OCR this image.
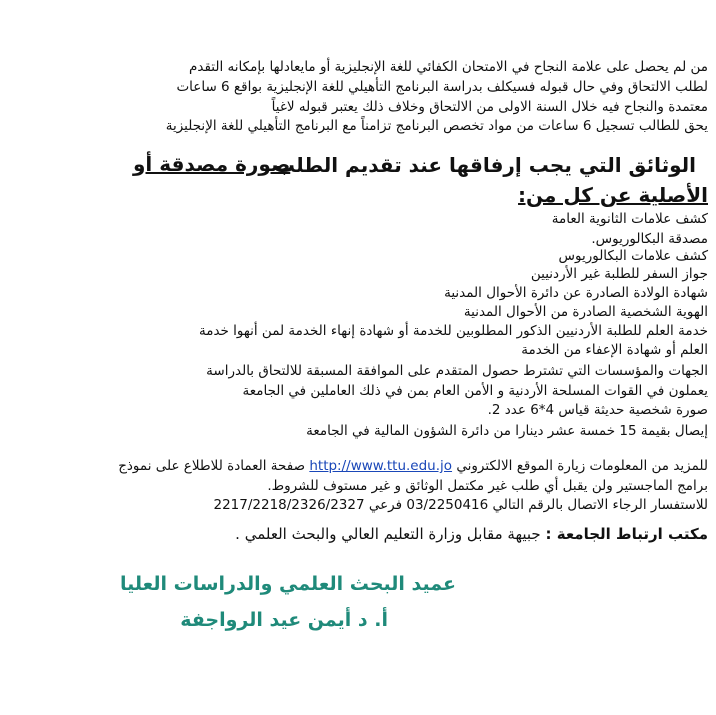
من لم يحصل على علامة النجاح في الامتحان الكفائي للغة الإنجليزية أو مايعادلها بإمكانه التقدم
لطلب الالتحاق وفي حال قبوله فسيكلف بدراسة البرنامج التأهيلي للغة الإنجليزية بواقع 6 ساعات
معتمدة والنجاح فيه خلال السنة الاولى من الالتحاق وخلاف ذلك يعتبر قبوله لاغياً
يحق للطالب تسجيل 6 ساعات من مواد تخصص البرنامج تزامناً مع البرنامج التأهيلي للغة الإنجليزية
الوثائق التي يجب إرفاقها عند تقديم الطلب
صورة مصدقة أو
الأصلية عن كل من:
كشف علامات الثانوية العامة
مصدقة البكالوريوس.
كشف علامات البكالوريوس
جواز السفر للطلبة غير الأردنيين
شهادة الولادة الصادرة عن دائرة الأحوال المدنية
الهوية الشخصية الصادرة من الأحوال المدنية
خدمة العلم للطلبة الأردنيين الذكور المطلوبين للخدمة أو شهادة إنهاء الخدمة لمن أنهوا خدمة
العلم أو شهادة الإعفاء من الخدمة
الجهات والمؤسسات التي تشترط حصول المتقدم على الموافقة المسبقة للالتحاق بالدراسة
يعملون في القوات المسلحة الأردنية و الأمن العام بمن في ذلك العاملين في الجامعة
صورة شخصية حديثة قياس 4*6 عدد 2.
إيصال بقيمة 15 خمسة عشر دينارا من دائرة الشؤون المالية في الجامعة
للمزيد من المعلومات زيارة الموقع الالكتروني http://www.ttu.edu.jo صفحة العمادة للاطلاع على نموذج
برامج الماجستير ولن يقبل أي طلب غير مكتمل الوثائق و غير مستوف للشروط.
للاستفسار الرجاء الاتصال بالرقم التالي 03/2250416 فرعي 2217/2218/2326/2327
مكتب ارتباط الجامعة : جبيهة مقابل وزارة التعليم العالي والبحث العلمي .
عميد البحث العلمي والدراسات العليا
أ. د أيمن عيد الرواجفة
